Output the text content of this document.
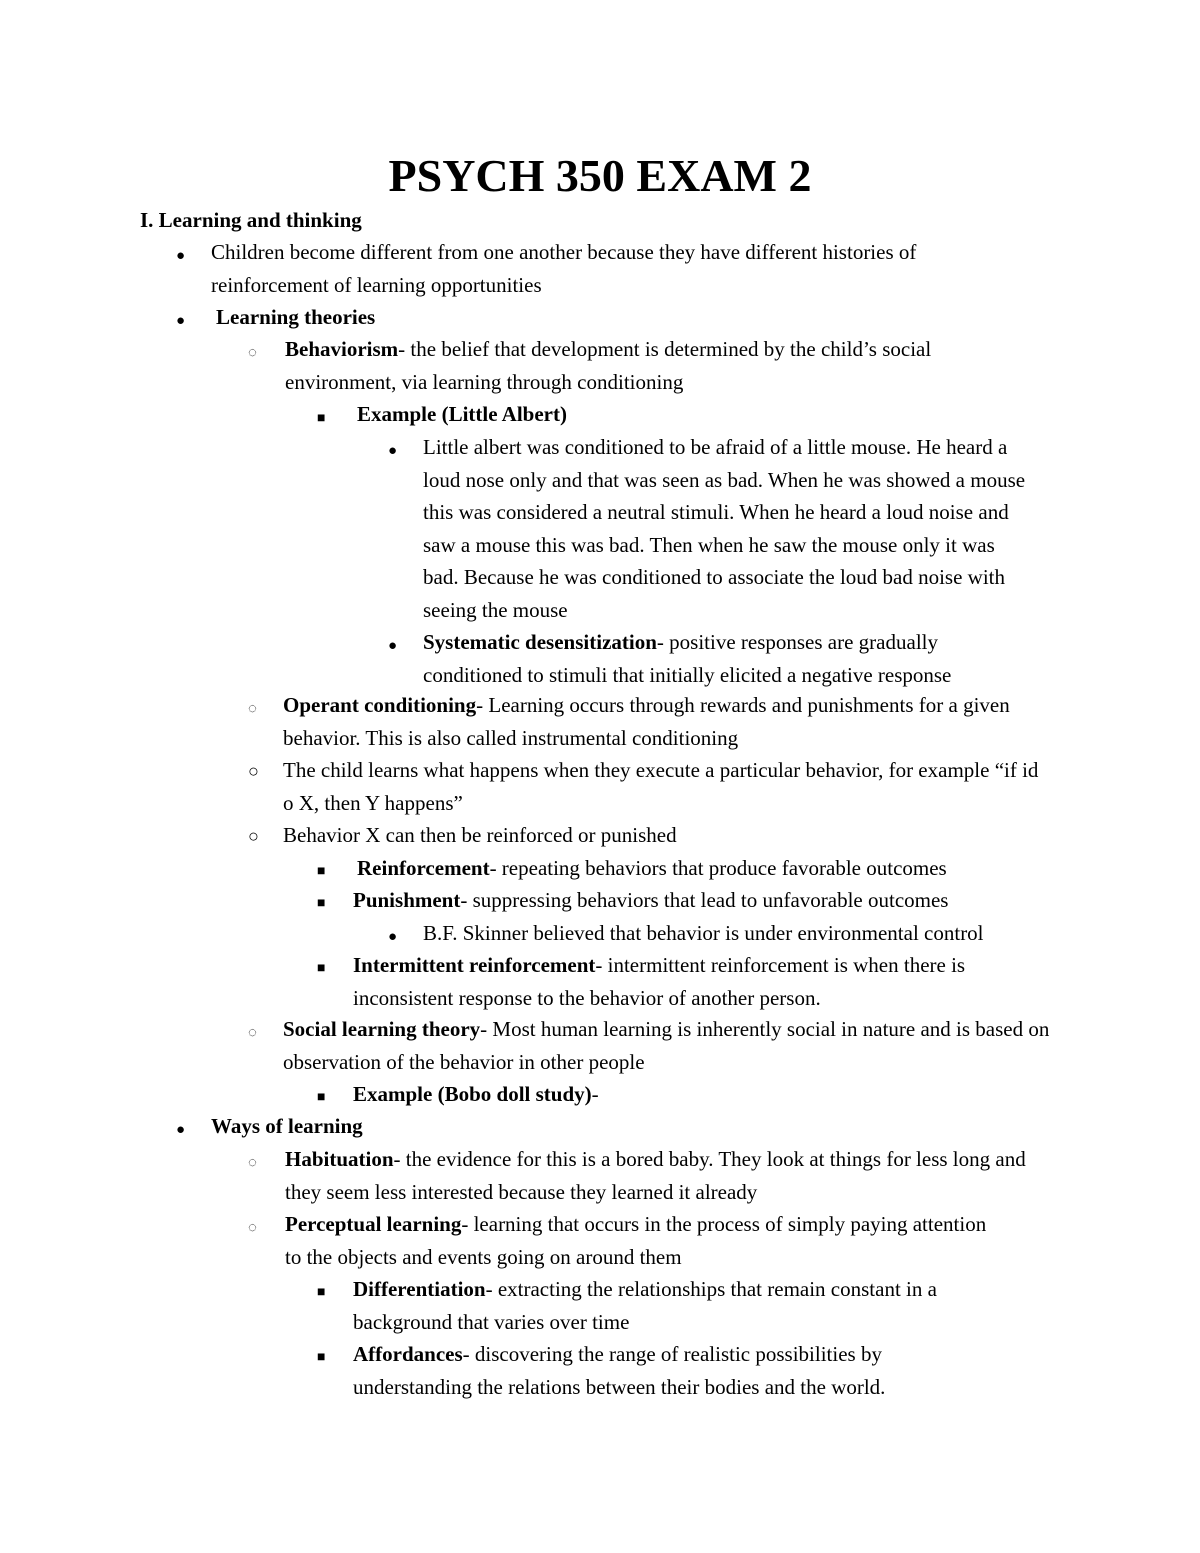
PSYCH 350 EXAM 2
I. Learning and thinking
● Children become different from one another because they have different histories of reinforcement of learning opportunities
● Learning theories
◌ Behaviorism- the belief that development is determined by the child’s social environment, via learning through conditioning
■ Example (Little Albert)
● Little albert was conditioned to be afraid of a little mouse. He heard a loud nose only and that was seen as bad. When he was showed a mouse this was considered a neutral stimuli. When he heard a loud noise and saw a mouse this was bad. Then when he saw the mouse only it was bad. Because he was conditioned to associate the loud bad noise with seeing the mouse
● Systematic desensitization- positive responses are gradually conditioned to stimuli that initially elicited a negative response
◌ Operant conditioning- Learning occurs through rewards and punishments for a given behavior. This is also called instrumental conditioning
○ The child learns what happens when they execute a particular behavior, for example “if id o X, then Y happens”
○ Behavior X can then be reinforced or punished
■ Reinforcement- repeating behaviors that produce favorable outcomes
■ Punishment- suppressing behaviors that lead to unfavorable outcomes
● B.F. Skinner believed that behavior is under environmental control
■ Intermittent reinforcement- intermittent reinforcement is when there is inconsistent response to the behavior of another person.
◌ Social learning theory- Most human learning is inherently social in nature and is based on observation of the behavior in other people
■ Example (Bobo doll study)-
● Ways of learning
◌ Habituation- the evidence for this is a bored baby. They look at things for less long and they seem less interested because they learned it already
◌ Perceptual learning- learning that occurs in the process of simply paying attention to the objects and events going on around them
■ Differentiation- extracting the relationships that remain constant in a background that varies over time
■ Affordances- discovering the range of realistic possibilities by understanding the relations between their bodies and the world.
